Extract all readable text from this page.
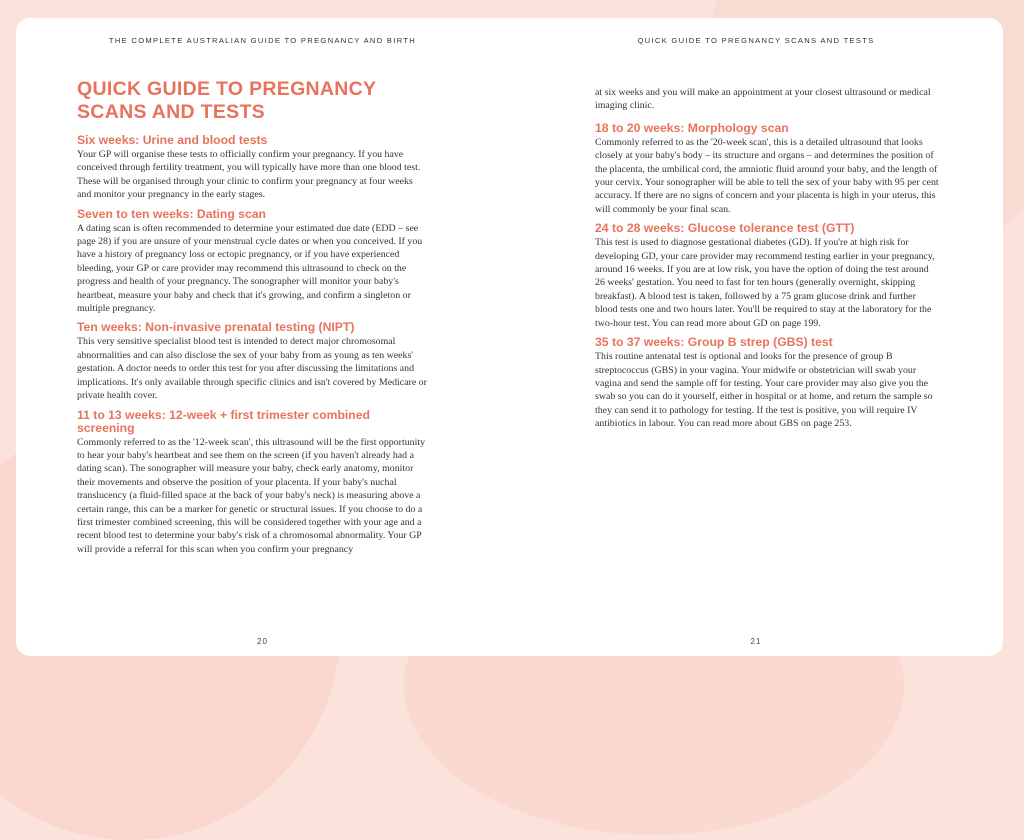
THE COMPLETE AUSTRALIAN GUIDE TO PREGNANCY AND BIRTH
20
QUICK GUIDE TO PREGNANCY SCANS AND TESTS
21
QUICK GUIDE TO PREGNANCY
SCANS AND TESTS
Six weeks: Urine and blood tests

Your GP will organise these tests to officially confirm your pregnancy. If you have conceived through fertility treatment, you will typically have more than one blood test. These will be organised through your clinic to confirm your pregnancy at four weeks and monitor your pregnancy in the early stages.

Seven to ten weeks: Dating scan

A dating scan is often recommended to determine your estimated due date (EDD – see page 28) if you are unsure of your menstrual cycle dates or when you conceived. If you have a history of pregnancy loss or ectopic pregnancy, or if you have experienced bleeding, your GP or care provider may recommend this ultrasound to check on the progress and health of your pregnancy. The sonographer will monitor your baby's heartbeat, measure your baby and check that it's growing, and confirm a singleton or multiple pregnancy.

Ten weeks: Non-invasive prenatal testing (NIPT)

This very sensitive specialist blood test is intended to detect major chromosomal abnormalities and can also disclose the sex of your baby from as young as ten weeks' gestation. A doctor needs to order this test for you after discussing the limitations and implications. It's only available through specific clinics and isn't covered by Medicare or private health cover.

11 to 13 weeks: 12-week + first trimester combined screening

Commonly referred to as the '12-week scan', this ultrasound will be the first opportunity to hear your baby's heartbeat and see them on the screen (if you haven't already had a dating scan). The sonographer will measure your baby, check early anatomy, monitor their movements and observe the position of your placenta. If your baby's nuchal translucency (a fluid-filled space at the back of your baby's neck) is measuring above a certain range, this can be a marker for genetic or structural issues. If you choose to do a first trimester combined screening, this will be considered together with your age and a recent blood test to determine your baby's risk of a chromosomal abnormality. Your GP will provide a referral for this scan when you confirm your pregnancy

at six weeks and you will make an appointment at your closest ultrasound or medical imaging clinic.

18 to 20 weeks: Morphology scan

Commonly referred to as the '20-week scan', this is a detailed ultrasound that looks closely at your baby's body – its structure and organs – and determines the position of the placenta, the umbilical cord, the amniotic fluid around your baby, and the length of your cervix. Your sonographer will be able to tell the sex of your baby with 95 per cent accuracy. If there are no signs of concern and your placenta is high in your uterus, this will commonly be your final scan.

24 to 28 weeks: Glucose tolerance test (GTT)

This test is used to diagnose gestational diabetes (GD). If you're at high risk for developing GD, your care provider may recommend testing earlier in your pregnancy, around 16 weeks. If you are at low risk, you have the option of doing the test around 26 weeks' gestation. You need to fast for ten hours (generally overnight, skipping breakfast). A blood test is taken, followed by a 75 gram glucose drink and further blood tests one and two hours later. You'll be required to stay at the laboratory for the two-hour test. You can read more about GD on page 199.

35 to 37 weeks: Group B strep (GBS) test

This routine antenatal test is optional and looks for the presence of group B streptococcus (GBS) in your vagina. Your midwife or obstetrician will swab your vagina and send the sample off for testing. Your care provider may also give you the swab so you can do it yourself, either in hospital or at home, and return the sample so they can send it to pathology for testing. If the test is positive, you will require IV antibiotics in labour. You can read more about GBS on page 253.
